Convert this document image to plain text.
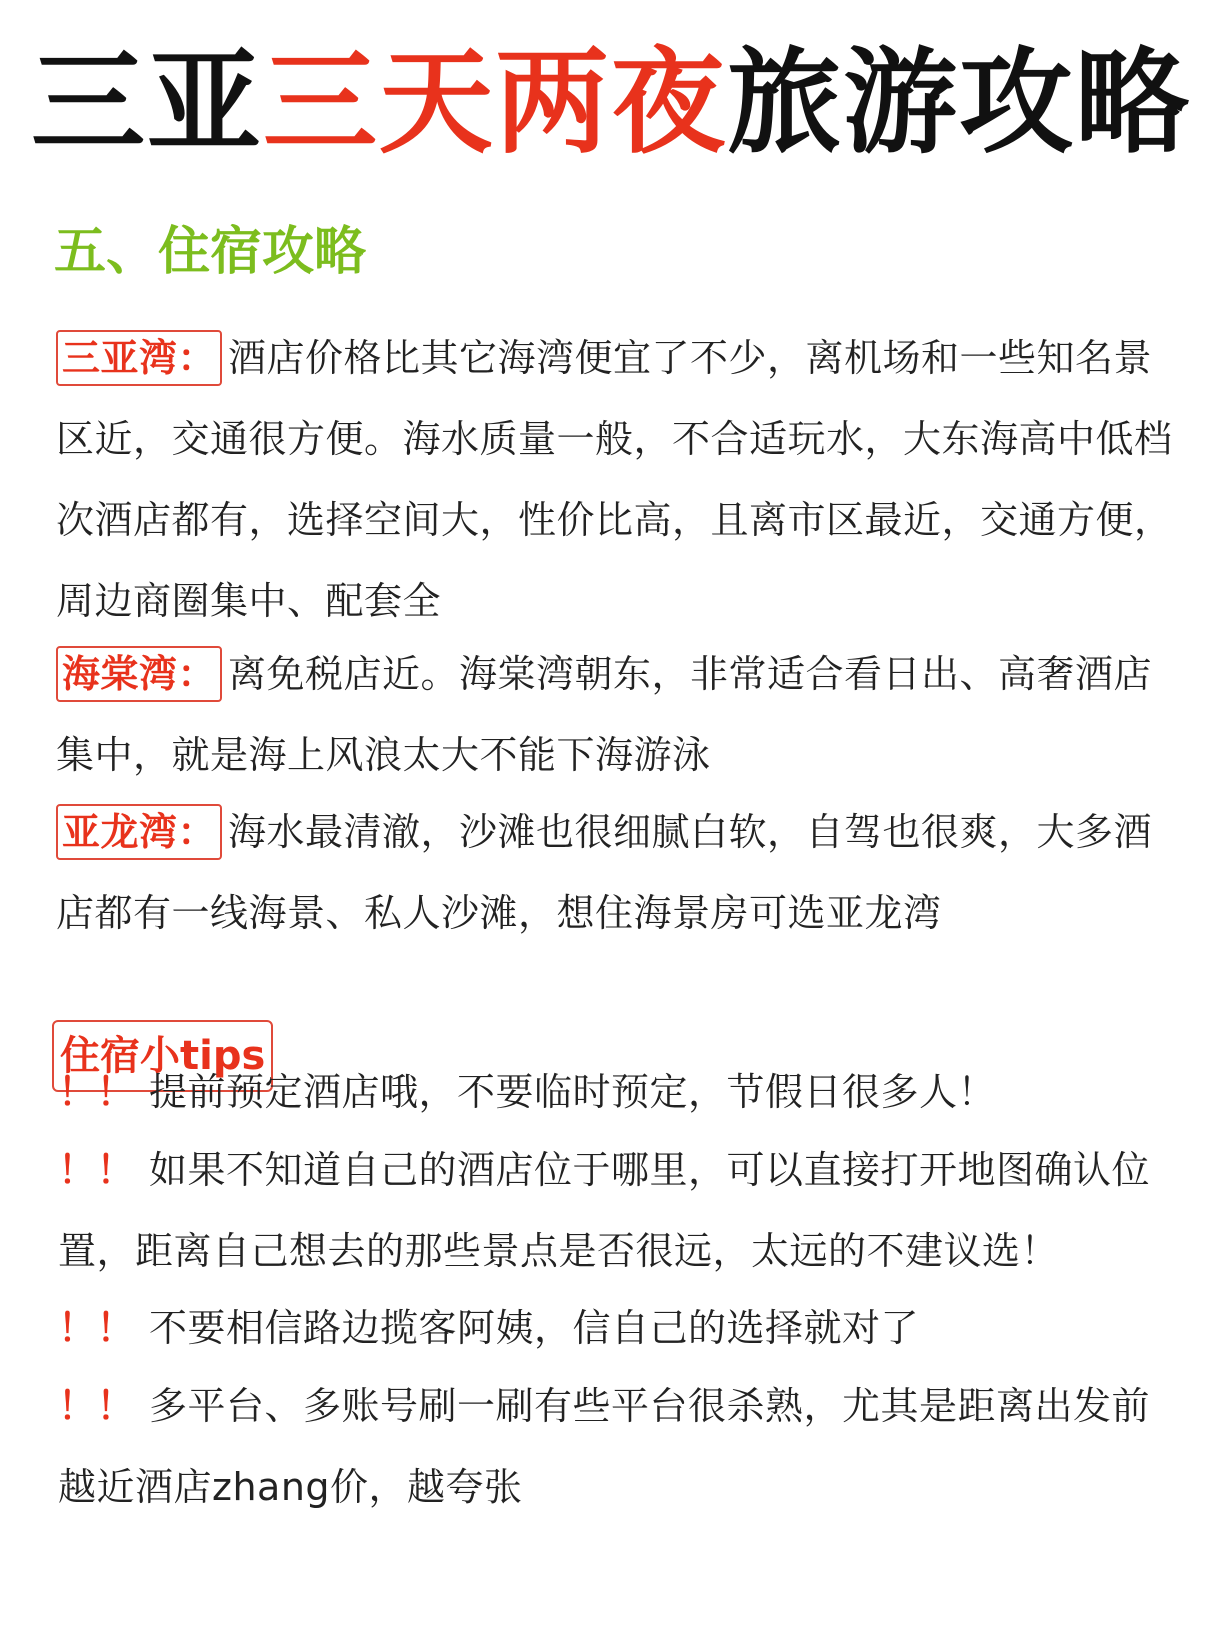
三亚三天两夜旅游攻略
五、住宿攻略
三亚湾： 酒店价格比其它海湾便宜了不少，离机场和一些知名景区近，交通很方便。海水质量一般，不合适玩水，大东海高中低档次酒店都有，选择空间大，性价比高，且离市区最近，交通方便，周边商圈集中、配套全
海棠湾： 离免税店近。海棠湾朝东，非常适合看日出、高奢酒店集中，就是海上风浪太大不能下海游泳
亚龙湾： 海水最清澈，沙滩也很细腻白软，自驾也很爽，大多酒店都有一线海景、私人沙滩，想住海景房可选亚龙湾
住宿小tips
！！ 提前预定酒店哦，不要临时预定，节假日很多人！
！！ 如果不知道自己的酒店位于哪里，可以直接打开地图确认位置，距离自己想去的那些景点是否很远，太远的不建议选！
！！ 不要相信路边揽客阿姨，信自己的选择就对了
！！ 多平台、多账号刷一刷有些平台很杀熟，尤其是距离出发前越近酒店zhang价，越夸张
